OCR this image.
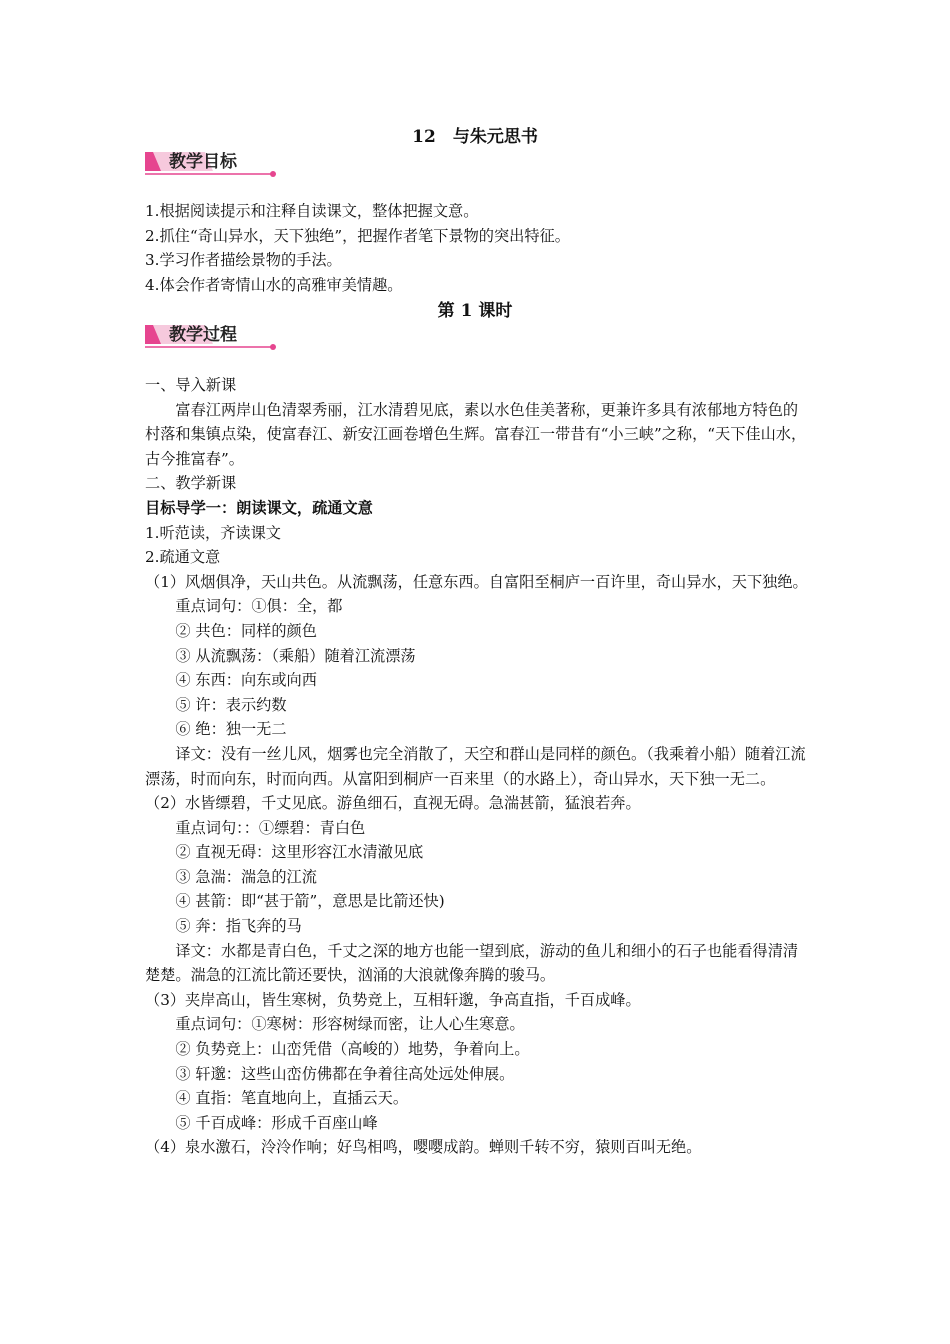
12　与朱元思书
教学目标

1.根据阅读提示和注释自读课文，整体把握文意。

2.抓住“奇山异水，天下独绝”，把握作者笔下景物的突出特征。

3.学习作者描绘景物的手法。

4.体会作者寄情山水的高雅审美情趣。

第 1 课时
教学过程

一、导入新课

富春江两岸山色清翠秀丽，江水清碧见底，素以水色佳美著称，更兼许多具有浓郁地方特色的村落和集镇点染，使富春江、新安江画卷增色生辉。富春江一带昔有“小三峡”之称，“天下佳山水，古今推富春”。

二、教学新课

目标导学一：朗读课文，疏通文意

1.听范读，齐读课文

2.疏通文意

（1）风烟俱净，天山共色。从流飘荡，任意东西。自富阳至桐庐一百许里，奇山异水，天下独绝。

重点词句：①俱：全，都

② 共色：同样的颜色

③ 从流飘荡：（乘船）随着江流漂荡

④ 东西：向东或向西

⑤ 许：表示约数

⑥ 绝：独一无二

译文：没有一丝儿风，烟雾也完全消散了，天空和群山是同样的颜色。（我乘着小船）随着江流漂荡，时而向东，时而向西。从富阳到桐庐一百来里（的水路上），奇山异水，天下独一无二。

（2）水皆缥碧，千丈见底。游鱼细石，直视无碍。急湍甚箭，猛浪若奔。

重点词句：：①缥碧：青白色

② 直视无碍：这里形容江水清澈见底

③ 急湍：湍急的江流

④ 甚箭：即“甚于箭”，意思是比箭还快)

⑤ 奔：指飞奔的马

译文：水都是青白色，千丈之深的地方也能一望到底，游动的鱼儿和细小的石子也能看得清清楚楚。湍急的江流比箭还要快，汹涌的大浪就像奔腾的骏马。

（3）夹岸高山，皆生寒树，负势竞上，互相轩邈，争高直指，千百成峰。

重点词句：①寒树：形容树绿而密，让人心生寒意。

② 负势竞上：山峦凭借（高峻的）地势，争着向上。

③ 轩邈：这些山峦仿佛都在争着往高处远处伸展。

④ 直指：笔直地向上，直插云天。

⑤ 千百成峰：形成千百座山峰

（4）泉水激石，泠泠作响；好鸟相鸣，嘤嘤成韵。蝉则千转不穷，猿则百叫无绝。
